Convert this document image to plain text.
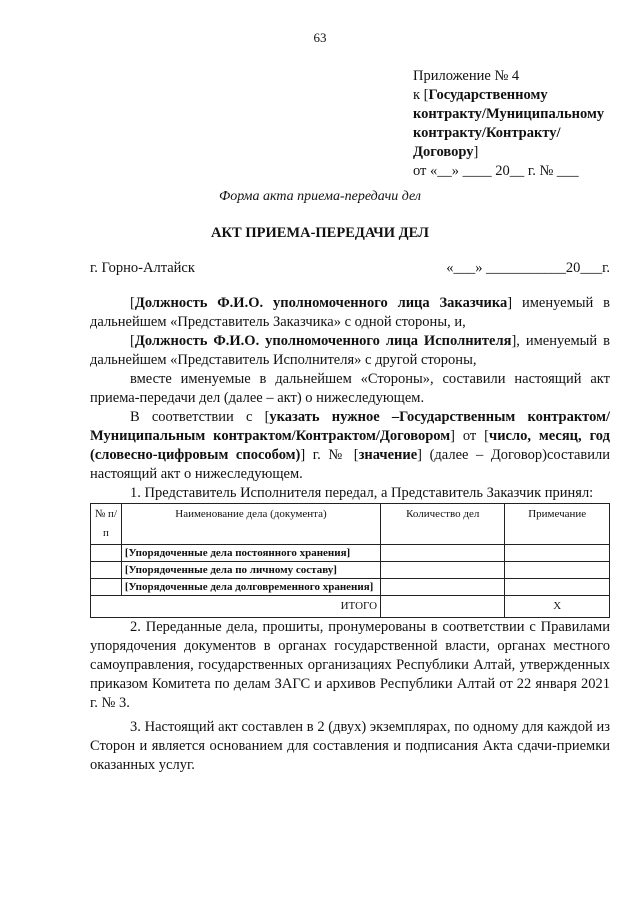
63
Приложение № 4
к [Государственному
контракту/Муниципальному
контракту/Контракту/
Договору]
от «__» ____ 20__ г. № ___
Форма акта приема-передачи дел
АКТ ПРИЕМА-ПЕРЕДАЧИ ДЕЛ
г. Горно-Алтайск	«___» ___________20___г.

[Должность Ф.И.О. уполномоченного лица Заказчика] именуемый в дальнейшем «Представитель Заказчика» с одной стороны, и,

[Должность Ф.И.О. уполномоченного лица Исполнителя], именуемый в дальнейшем «Представитель Исполнителя» с другой стороны,

вместе именуемые в дальнейшем «Стороны», составили настоящий акт приема-передачи дел (далее – акт) о нижеследующем.

В соответствии с [указать нужное –Государственным контрактом/Муниципальным контрактом/Контрактом/Договором] от [число, месяц, год (словесно-цифровым способом)] г. № [значение] (далее – Договор)составили настоящий акт о нижеследующем.

1. Представитель Исполнителя передал, а Представитель Заказчик принял:

№ п/п	Наименование дела (документа)	Количество дел	Примечание
	[Упорядоченные дела постоянного хранения]		
	[Упорядоченные дела по личному составу]		
	[Упорядоченные дела долговременного хранения]		
ИТОГО			Х

2. Переданные дела, прошиты, пронумерованы в соответствии с Правилами упорядочения документов в органах государственной власти, органах местного самоуправления, государственных организациях Республики Алтай, утвержденных приказом Комитета по делам ЗАГС и архивов Республики Алтай от 22 января 2021 г. № 3.

3. Настоящий акт составлен в 2 (двух) экземплярах, по одному для каждой из Сторон и является основанием для составления и подписания Акта сдачи-приемки оказанных услуг.
